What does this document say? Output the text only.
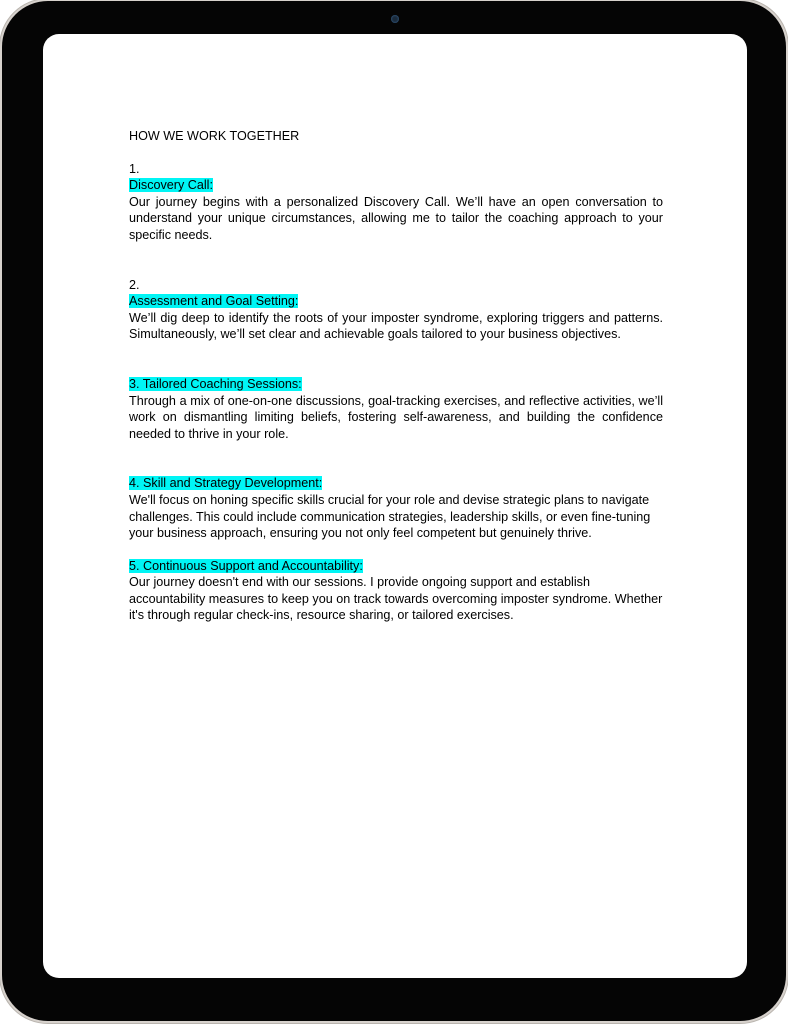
HOW WE WORK TOGETHER
1.
Discovery Call:

Our journey begins with a personalized Discovery Call. We’ll have an open conversation to understand your unique circumstances, allowing me to tailor the coaching approach to your specific needs.

2.
Assessment and Goal Setting:

We’ll dig deep to identify the roots of your imposter syndrome, exploring triggers and patterns. Simultaneously, we’ll set clear and achievable goals tailored to your business objectives.

3. Tailored Coaching Sessions:

Through a mix of one-on-one discussions, goal-tracking exercises, and reflective activities, we’ll work on dismantling limiting beliefs, fostering self-awareness, and building the confidence needed to thrive in your role.

4. Skill and Strategy Development:

We'll focus on honing specific skills crucial for your role and devise strategic plans to navigate challenges. This could include communication strategies, leadership skills, or even fine-tuning your business approach, ensuring you not only feel competent but genuinely thrive.

5. Continuous Support and Accountability:

Our journey doesn't end with our sessions. I provide ongoing support and establish accountability measures to keep you on track towards overcoming imposter syndrome. Whether it's through regular check-ins, resource sharing, or tailored exercises.
